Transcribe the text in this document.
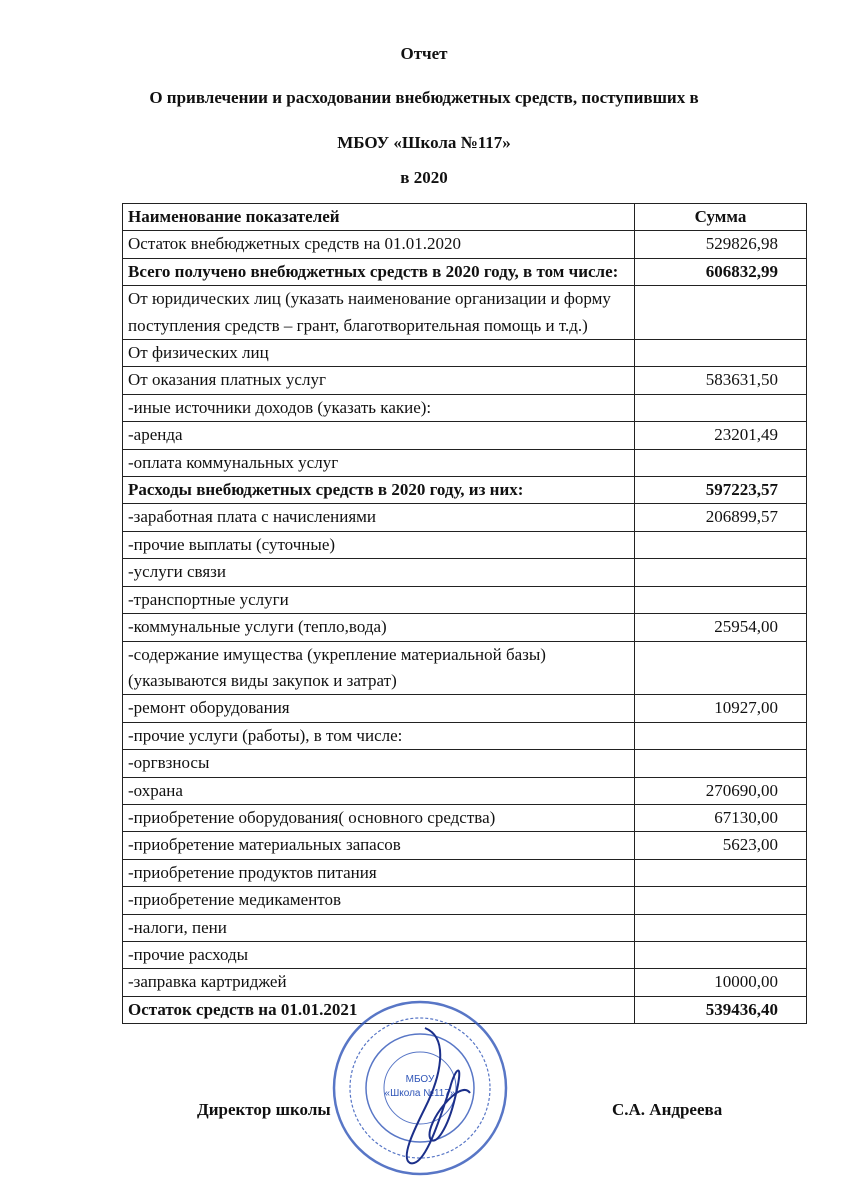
Отчет
О привлечении и расходовании внебюджетных средств, поступивших в
МБОУ «Школа №117»
в 2020
Наименование показателей	Сумма
Остаток внебюджетных средств на 01.01.2020	529826,98
Всего получено внебюджетных средств в 2020 году, в том числе:	606832,99
От юридических лиц (указать наименование организации и форму поступления средств – грант, благотворительная помощь и т.д.)	
От физических лиц	
От оказания платных услуг	583631,50
-иные источники доходов (указать какие):	
-аренда	23201,49
-оплата коммунальных услуг	
Расходы внебюджетных средств в 2020 году, из них:	597223,57
-заработная плата с начислениями	206899,57
-прочие выплаты (суточные)	
-услуги связи	
-транспортные услуги	
-коммунальные услуги (тепло,вода)	25954,00
-содержание имущества (укрепление материальной базы) (указываются виды закупок и затрат)	
-ремонт оборудования	10927,00
-прочие услуги (работы), в том числе:	
-оргвзносы	
-охрана	270690,00
-приобретение оборудования( основного средства)	67130,00
-приобретение материальных запасов	5623,00
-приобретение продуктов питания	
-приобретение медикаментов	
-налоги, пени	
-прочие расходы	
-заправка картриджей	10000,00
Остаток средств на 01.01.2021	539436,40
МБОУ
«Школа №117»
Директор школы	С.А. Андреева
